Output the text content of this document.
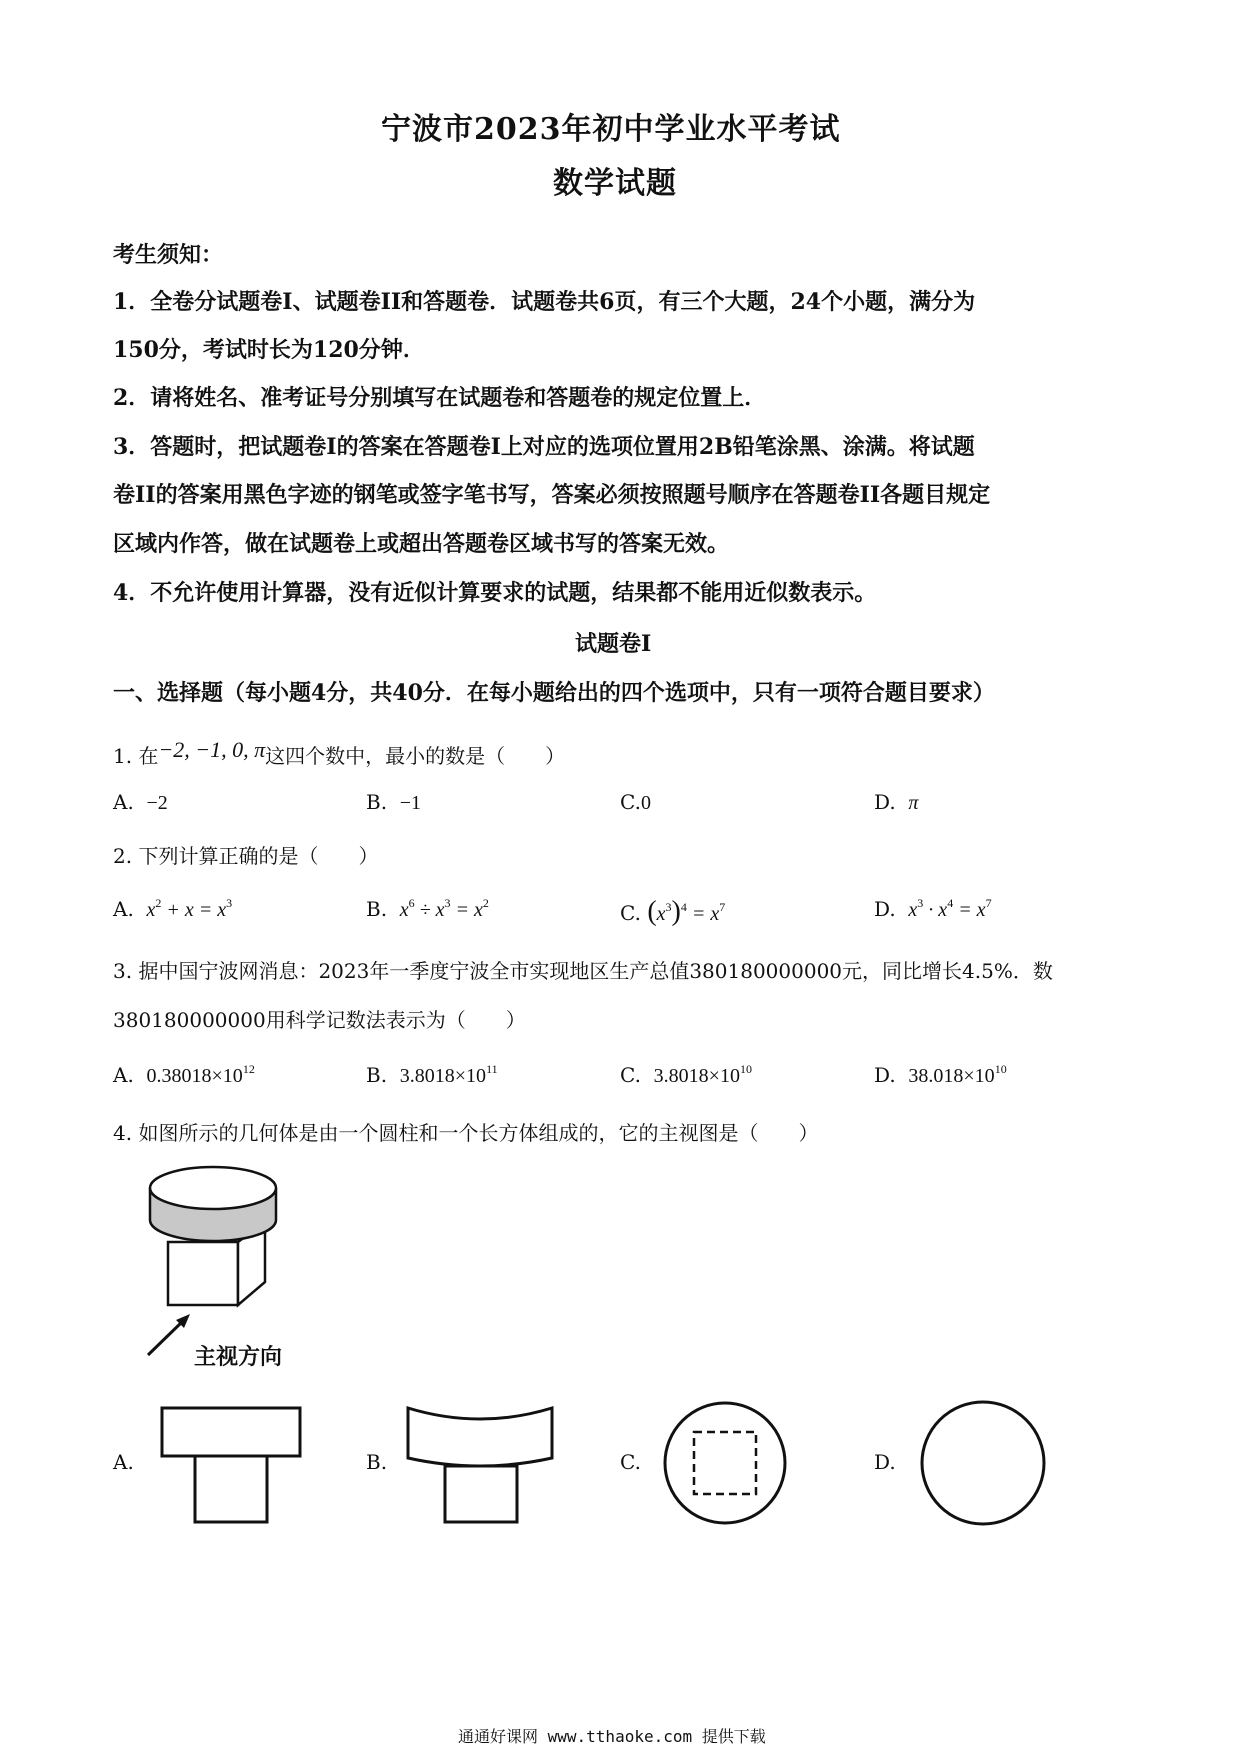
宁波市2023年初中学业水平考试
数学试题
考生须知：
1．全卷分试题卷I、试题卷II和答题卷．试题卷共6页，有三个大题，24个小题，满分为
150分，考试时长为120分钟．
2．请将姓名、准考证号分别填写在试题卷和答题卷的规定位置上．
3．答题时，把试题卷I的答案在答题卷I上对应的选项位置用2B铅笔涂黑、涂满。将试题
卷II的答案用黑色字迹的钢笔或签字笔书写，答案必须按照题号顺序在答题卷II各题目规定
区域内作答，做在试题卷上或超出答题卷区域书写的答案无效。
4．不允许使用计算器，没有近似计算要求的试题，结果都不能用近似数表示。
试题卷I
一、选择题（每小题4分，共40分．在每小题给出的四个选项中，只有一项符合题目要求）
1. 在−2, −1, 0, π这四个数中，最小的数是（　　）
A. −2	B. −1	C.0	D. π
2. 下列计算正确的是（　　）
A. $x^2 + x = x^3$	B. $x^6 \div x^3 = x^2$	C. $(x^3)^4 = x^7$	D. $x^3 \cdot x^4 = x^7$
3. 据中国宁波网消息：2023年一季度宁波全市实现地区生产总值380180000000元，同比增长4.5%．数
380180000000用科学记数法表示为（　　）
A. $0.38018\times 10^{12}$	B. $3.8018\times 10^{11}$	C. $3.8018\times 10^{10}$	D. $38.018\times 10^{10}$
4. 如图所示的几何体是由一个圆柱和一个长方体组成的，它的主视图是（　　）
主视方向
A.	B.	C.	D.
通通好课网 www.tthaoke.com 提供下载
